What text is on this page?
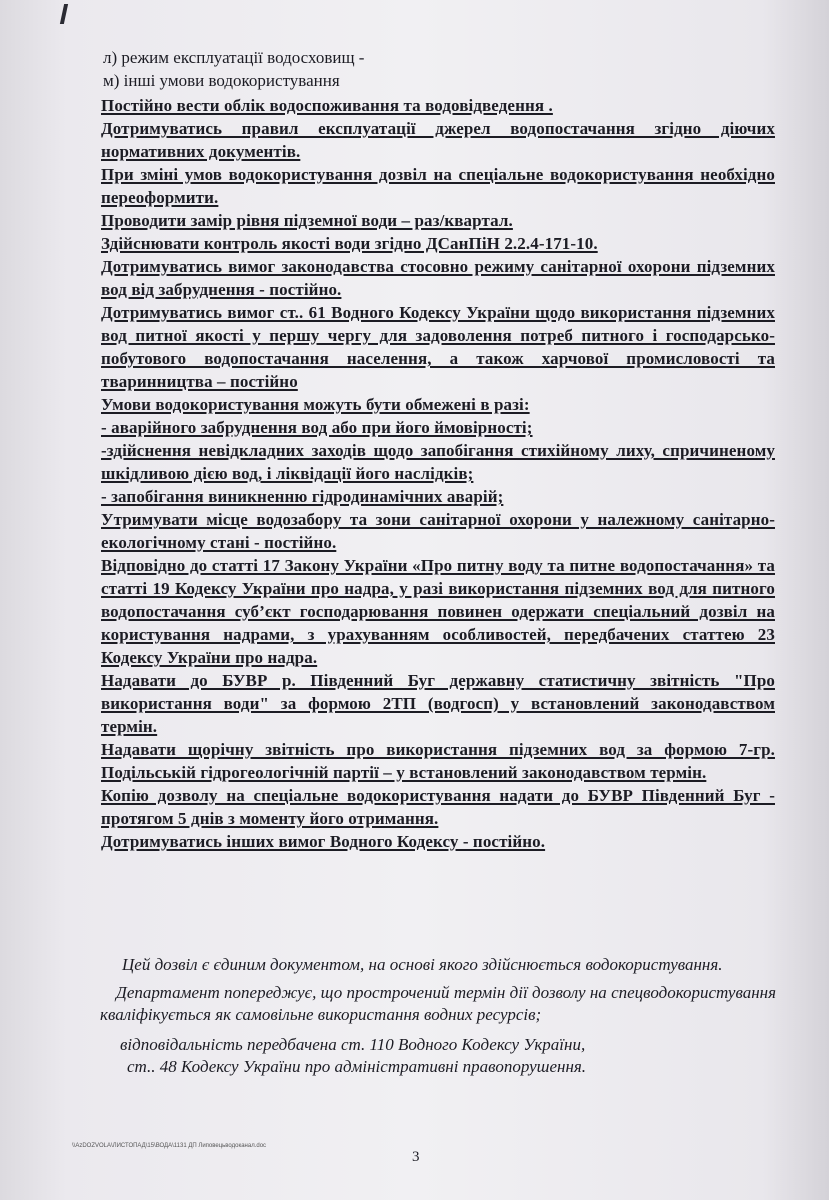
л) режим експлуатації водосховищ -
м) інші умови водокористування

Постійно вести облік водоспоживання та водовідведення .

Дотримуватись правил експлуатації джерел водопостачання згідно діючих нормативних документів.

При зміні умов водокористування дозвіл на спеціальне водокористування необхідно переоформити.

Проводити замір рівня підземної води – раз/квартал.

Здійснювати контроль якості води згідно ДСанПіН 2.2.4-171-10.

Дотримуватись вимог законодавства стосовно режиму санітарної охорони підземних вод від забруднення - постійно.

Дотримуватись вимог ст.. 61 Водного Кодексу України щодо використання підземних вод питної якості у першу чергу для задоволення потреб питного і господарсько-побутового водопостачання населення, а також харчової промисловості та тваринництва – постійно

Умови водокористування можуть бути обмежені в разі:

- аварійного забруднення вод або при його ймовірності;

-здійснення невідкладних заходів щодо запобігання стихійному лиху, спричиненому шкідливою дією вод, і ліквідації його наслідків;

- запобігання виникненню гідродинамічних аварій;

Утримувати місце водозабору та зони санітарної охорони у належному санітарно-екологічному стані - постійно.

Відповідно до статті 17 Закону України «Про питну воду та питне водопостачання» та статті 19 Кодексу України про надра, у разі використання підземних вод для питного водопостачання суб’єкт господарювання повинен одержати спеціальний дозвіл на користування надрами, з урахуванням особливостей, передбачених статтею 23 Кодексу України про надра.

Надавати до БУВР р. Південний Буг державну статистичну звітність "Про використання води" за формою 2ТП (водгосп) у встановлений законодавством термін.

Надавати щорічну звітність про використання підземних вод за формою 7-гр. Подільській гідрогеологічній партії – у встановлений законодавством термін.

Копію дозволу на спеціальне водокористування надати до БУВР Південний Буг - протягом 5 днів з моменту його отримання.

Дотримуватись інших вимог Водного Кодексу - постійно.

Цей дозвіл є єдиним документом, на основі якого здійснюється водокористування.

Департамент попереджує, що прострочений термін дії дозволу на спецводокористування кваліфікується як самовільне використання водних ресурсів;

відповідальність передбачена ст. 110 Водного Кодексу України,

ст.. 48 Кодексу України про адміністративні правопорушення.

\\AzDOZVOLA\ЛИСТОПАД\15\ВОДА\1131 ДП Липовецьводоканал.doc
3
